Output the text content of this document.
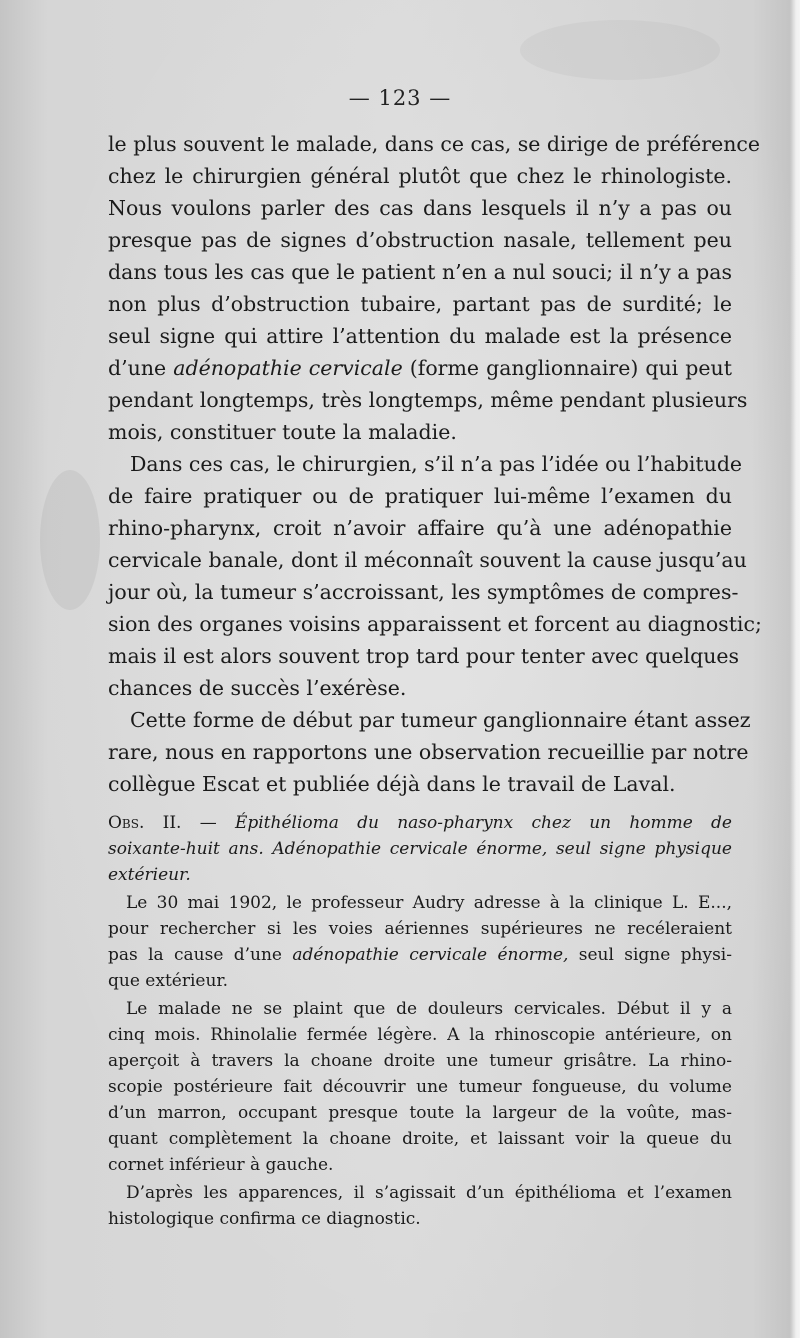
— 123 —
le plus souvent le malade, dans ce cas, se dirige de préférence
chez le chirurgien général plutôt que chez le rhinologiste.
Nous voulons parler des cas dans lesquels il n’y a pas ou
presque pas de signes d’obstruction nasale, tellement peu
dans tous les cas que le patient n’en a nul souci; il n’y a pas
non plus d’obstruction tubaire, partant pas de surdité; le
seul signe qui attire l’attention du malade est la présence
d’une adénopathie cervicale (forme ganglionnaire) qui peut
pendant longtemps, très longtemps, même pendant plusieurs
mois, constituer toute la maladie.
Dans ces cas, le chirurgien, s’il n’a pas l’idée ou l’habitude
de faire pratiquer ou de pratiquer lui-même l’examen du
rhino-pharynx, croit n’avoir affaire qu’à une adénopathie
cervicale banale, dont il méconnaît souvent la cause jusqu’au
jour où, la tumeur s’accroissant, les symptômes de compres-
sion des organes voisins apparaissent et forcent au diagnostic;
mais il est alors souvent trop tard pour tenter avec quelques
chances de succès l’exérèse.
Cette forme de début par tumeur ganglionnaire étant assez
rare, nous en rapportons une observation recueillie par notre
collègue Escat et publiée déjà dans le travail de Laval.
Obs. II. — Épithélioma du naso-pharynx chez un homme de
soixante-huit ans. Adénopathie cervicale énorme, seul signe physique
extérieur.
Le 30 mai 1902, le professeur Audry adresse à la clinique L. E...,
pour rechercher si les voies aériennes supérieures ne recéleraient
pas la cause d’une adénopathie cervicale énorme, seul signe physi-
que extérieur.
Le malade ne se plaint que de douleurs cervicales. Début il y a
cinq mois. Rhinolalie fermée légère. A la rhinoscopie antérieure, on
aperçoit à travers la choane droite une tumeur grisâtre. La rhino-
scopie postérieure fait découvrir une tumeur fongueuse, du volume
d’un marron, occupant presque toute la largeur de la voûte, mas-
quant complètement la choane droite, et laissant voir la queue du
cornet inférieur à gauche.
D’après les apparences, il s’agissait d’un épithélioma et l’examen
histologique confirma ce diagnostic.
